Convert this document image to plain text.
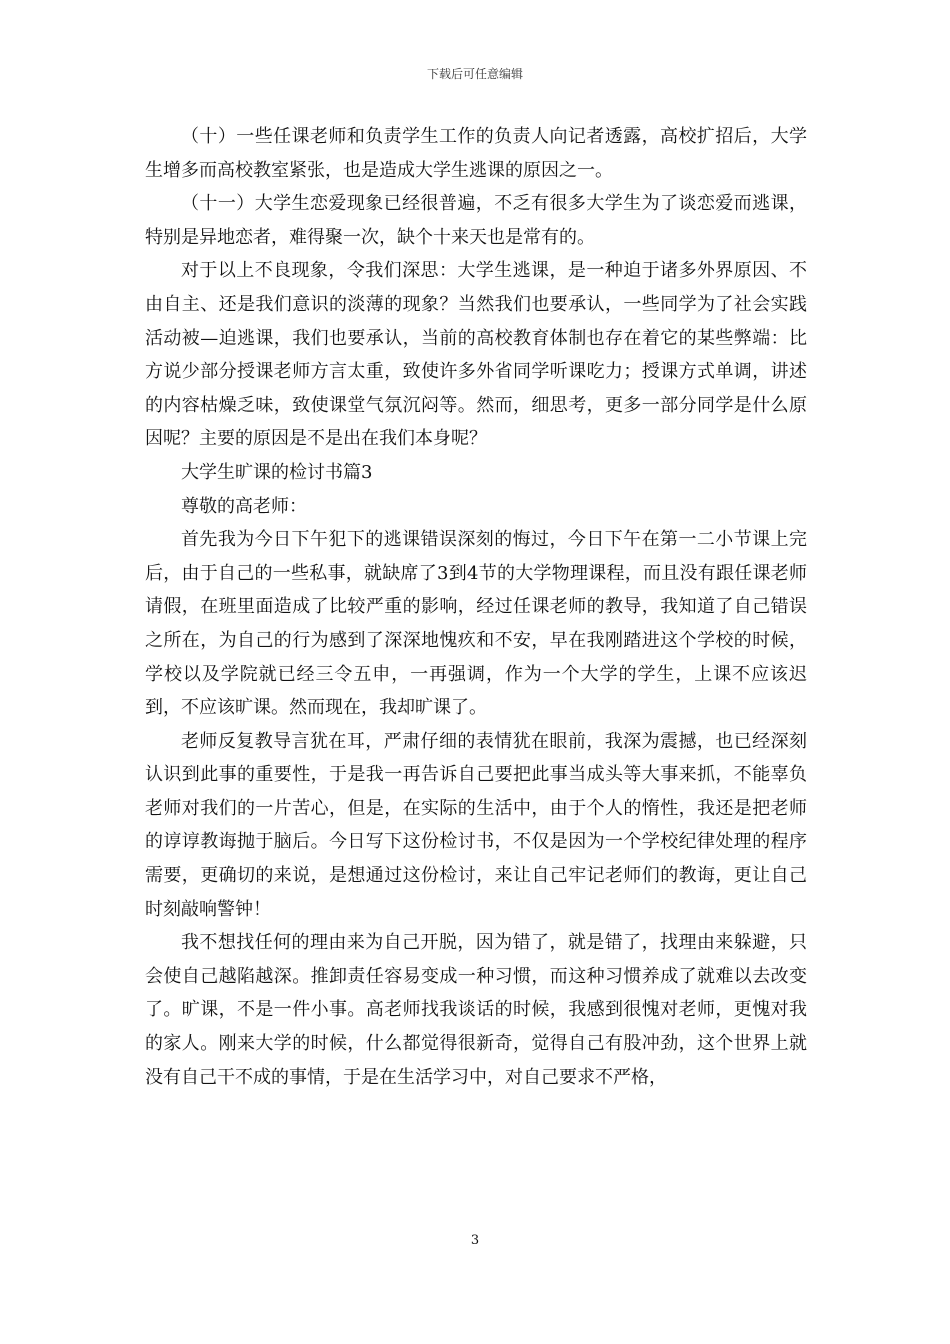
下载后可任意编辑

（十）一些任课老师和负责学生工作的负责人向记者透露，高校扩招后，大学生增多而高校教室紧张，也是造成大学生逃课的原因之一。

（十一）大学生恋爱现象已经很普遍，不乏有很多大学生为了谈恋爱而逃课，特别是异地恋者，难得聚一次，缺个十来天也是常有的。

对于以上不良现象，令我们深思：大学生逃课，是一种迫于诸多外界原因、不由自主、还是我们意识的淡薄的现象？当然我们也要承认，一些同学为了社会实践活动被—迫逃课，我们也要承认，当前的高校教育体制也存在着它的某些弊端：比方说少部分授课老师方言太重，致使许多外省同学听课吃力；授课方式单调，讲述的内容枯燥乏味，致使课堂气氛沉闷等。然而，细思考，更多一部分同学是什么原因呢？主要的原因是不是出在我们本身呢？

大学生旷课的检讨书篇3

尊敬的高老师：

首先我为今日下午犯下的逃课错误深刻的悔过，今日下午在第一二小节课上完后，由于自己的一些私事，就缺席了3到4节的大学物理课程，而且没有跟任课老师请假，在班里面造成了比较严重的影响，经过任课老师的教导，我知道了自己错误之所在，为自己的行为感到了深深地愧疚和不安，早在我刚踏进这个学校的时候，学校以及学院就已经三令五申，一再强调，作为一个大学的学生，上课不应该迟到，不应该旷课。然而现在，我却旷课了。

老师反复教导言犹在耳，严肃仔细的表情犹在眼前，我深为震撼，也已经深刻认识到此事的重要性，于是我一再告诉自己要把此事当成头等大事来抓，不能辜负老师对我们的一片苦心，但是，在实际的生活中，由于个人的惰性，我还是把老师的谆谆教诲抛于脑后。今日写下这份检讨书，不仅是因为一个学校纪律处理的程序需要，更确切的来说，是想通过这份检讨，来让自己牢记老师们的教诲，更让自己时刻敲响警钟！

我不想找任何的理由来为自己开脱，因为错了，就是错了，找理由来躲避，只会使自己越陷越深。推卸责任容易变成一种习惯，而这种习惯养成了就难以去改变了。旷课，不是一件小事。高老师找我谈话的时候，我感到很愧对老师，更愧对我的家人。刚来大学的时候，什么都觉得很新奇，觉得自己有股冲劲，这个世界上就没有自己干不成的事情，于是在生活学习中，对自己要求不严格，

3
